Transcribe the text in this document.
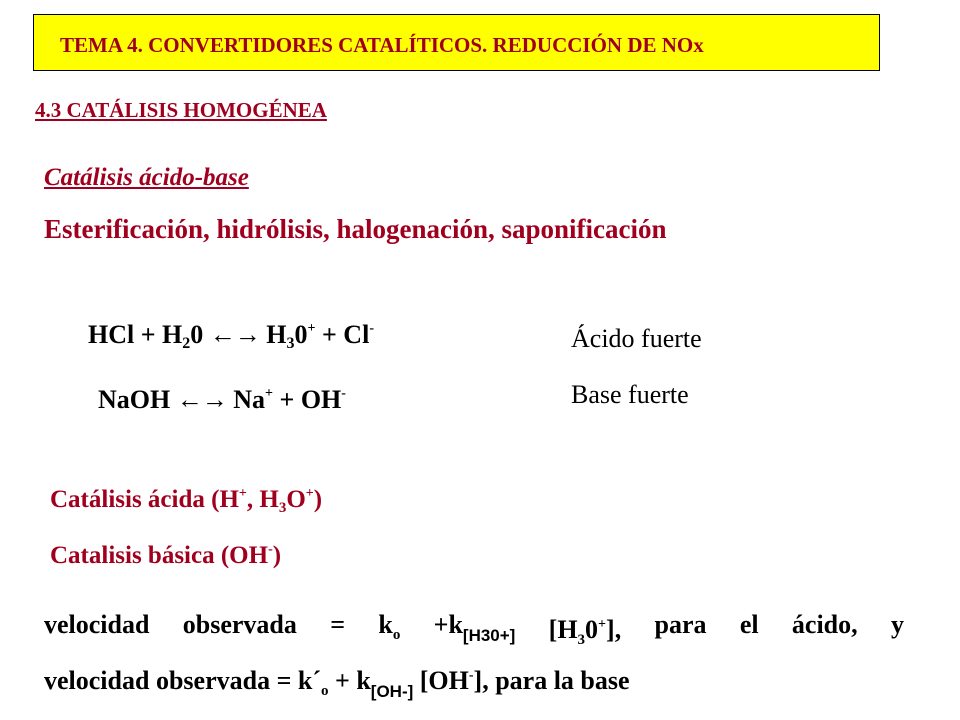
TEMA 4. CONVERTIDORES CATALÍTICOS. REDUCCIÓN DE NOx
4.3 CATÁLISIS HOMOGÉNEA
Catálisis ácido-base
Esterificación, hidrólisis, halogenación, saponificación
HCl + $H_20$ ←→ $H_30^+ + Cl^-$	Ácido fuerte
NaOH ←→ Na+ + OH-	Base fuerte
Catálisis ácida (H+, $H_3O^+$)
Catalisis básica (OH-)
velocidad observada = $k_o +k_{[H30+]}$ $[H_30^+]$, para el ácido, y
velocidad observada = $k´_o + k_{[OH-]}$ [OH-], para la base
